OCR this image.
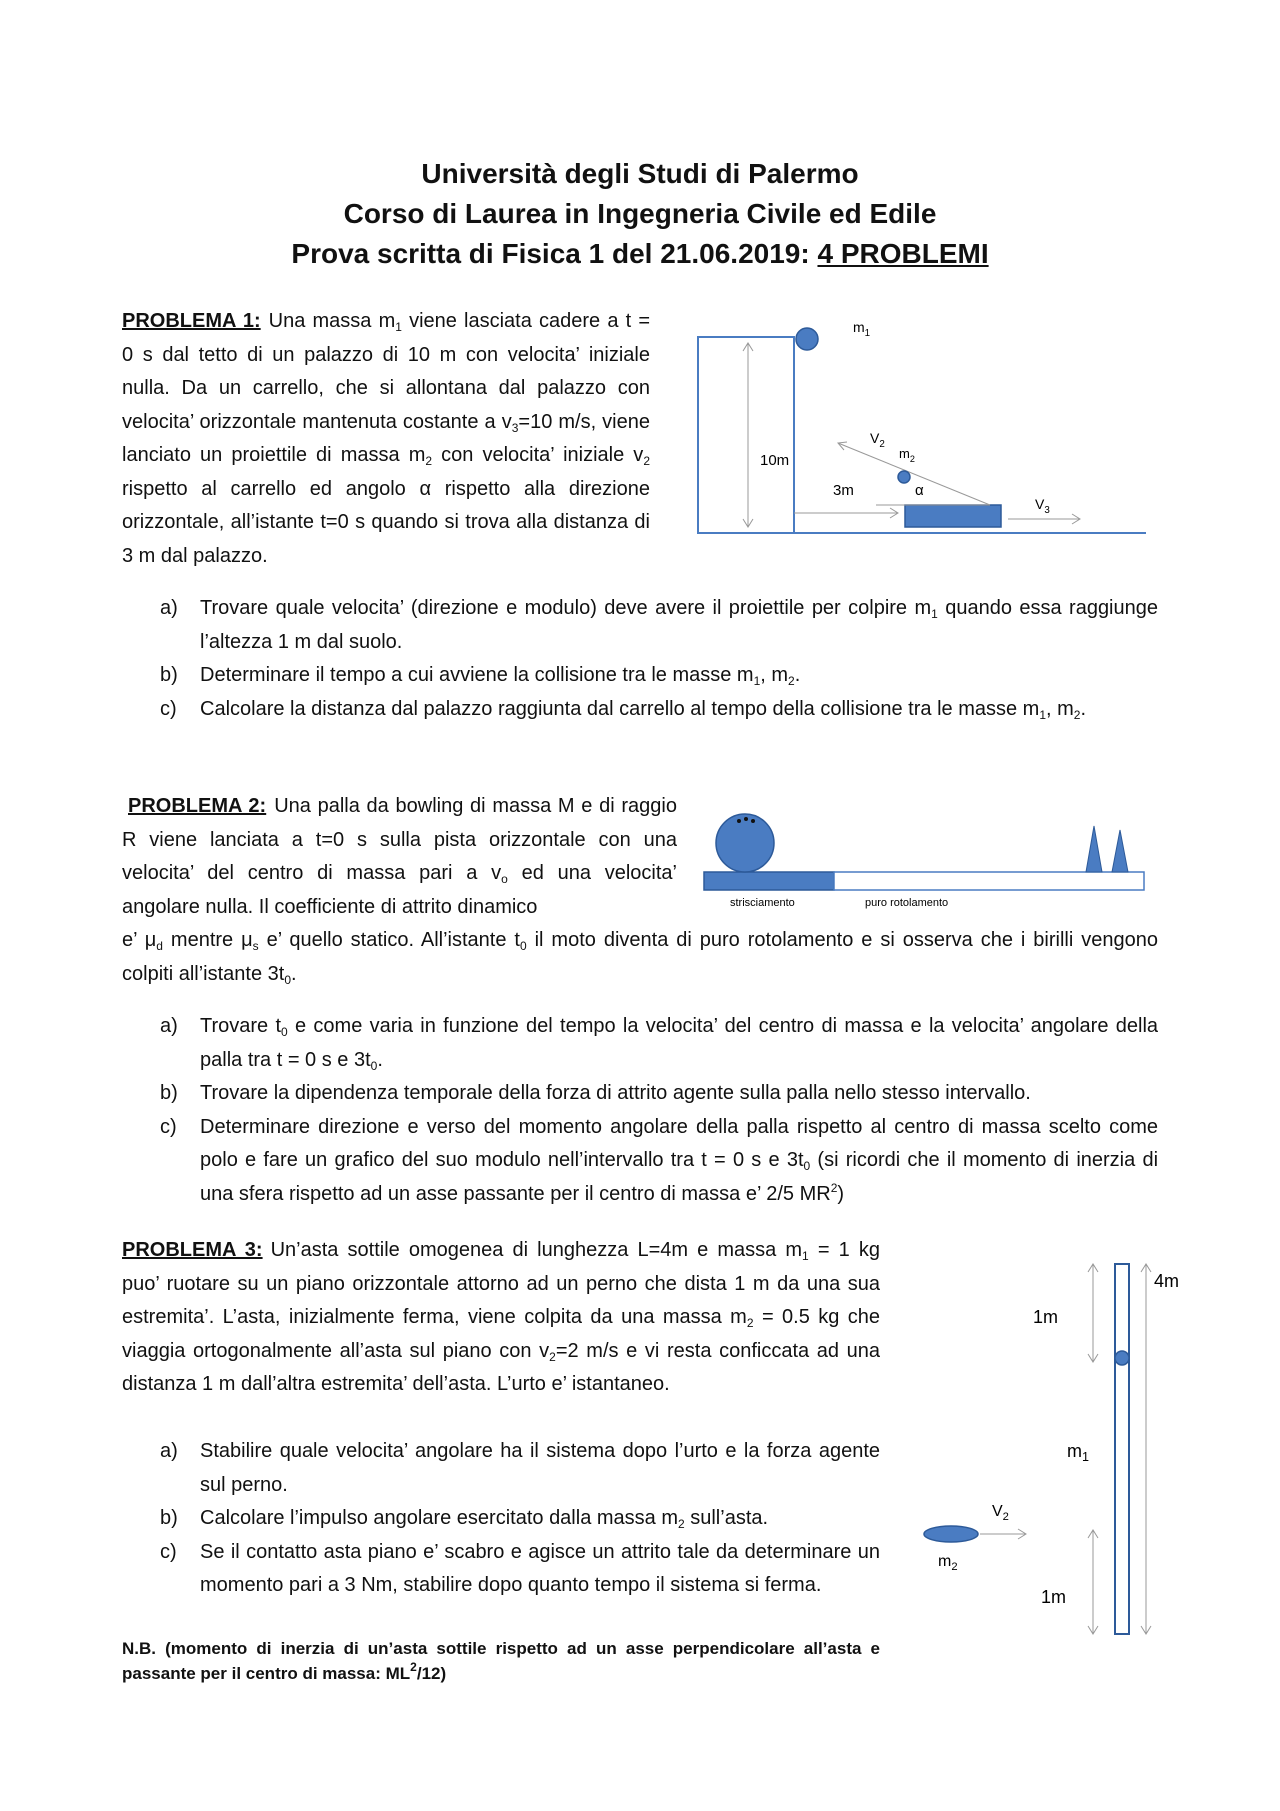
Università degli Studi di Palermo
Corso di Laurea in Ingegneria Civile ed Edile
Prova scritta di Fisica 1 del 21.06.2019: 4 PROBLEMI
PROBLEMA 1: Una massa $m_1$ viene lasciata cadere a t = 0 s dal tetto di un palazzo di 10 m con velocita’ iniziale nulla. Da un carrello, che si allontana dal palazzo con velocita’ orizzontale mantenuta costante a $v_3=10$ m/s, viene lanciato un proiettile di massa $m_2$ con velocita’ iniziale $v_2$ rispetto al carrello ed angolo α rispetto alla direzione orizzontale, all’istante t=0 s quando si trova alla distanza di 3 m dal palazzo.
10m
$m_1$
3m
$V_2$
$m_2$
α
$V_3$
a) Trovare quale velocita’ (direzione e modulo) deve avere il proiettile per colpire $m_1$ quando essa raggiunge l’altezza 1 m dal suolo.
b) Determinare il tempo a cui avviene la collisione tra le masse $m_1$, $m_2$.
c) Calcolare la distanza dal palazzo raggiunta dal carrello al tempo della collisione tra le masse $m_1$, $m_2$.
PROBLEMA 2: Una palla da bowling di massa M e di raggio R viene lanciata a t=0 s sulla pista orizzontale con una velocita’ del centro di massa pari a $v_o$ ed una velocita’ angolare nulla. Il coefficiente di attrito dinamico
e’ $\mu_d$ mentre $\mu_s$ e’ quello statico. All’istante $t_0$ il moto diventa di puro rotolamento e si osserva che i birilli vengono colpiti all’istante $3t_0$.
strisciamento	puro rotolamento
a) Trovare $t_0$ e come varia in funzione del tempo la velocita’ del centro di massa e la velocita’ angolare della palla tra t = 0 s e $3t_0$.
b) Trovare la dipendenza temporale della forza di attrito agente sulla palla nello stesso intervallo.
c) Determinare direzione e verso del momento angolare della palla rispetto al centro di massa scelto come polo e fare un grafico del suo modulo nell’intervallo tra t = 0 s e $3t_0$ (si ricordi che il momento di inerzia di una sfera rispetto ad un asse passante per il centro di massa e’ 2/5 $MR^2$)
PROBLEMA 3: Un’asta sottile omogenea di lunghezza L=4m e massa $m_1 = 1$ kg puo’ ruotare su un piano orizzontale attorno ad un perno che dista 1 m da una sua estremita’. L’asta, inizialmente ferma, viene colpita da una massa $m_2 = 0.5$ kg che viaggia ortogonalmente all’asta sul piano con $v_2=2$ m/s e vi resta conficcata ad una distanza 1 m dall’altra estremita’ dell’asta. L’urto e’ istantaneo.
a) Stabilire quale velocita’ angolare ha il sistema dopo l’urto e la forza agente sul perno.
b) Calcolare l’impulso angolare esercitato dalla massa $m_2$ sull’asta.
c) Se il contatto asta piano e’ scabro e agisce un attrito tale da determinare un momento pari a 3 Nm, stabilire dopo quanto tempo il sistema si ferma.
N.B. (momento di inerzia di un’asta sottile rispetto ad un asse perpendicolare all’asta e passante per il centro di massa: $ML^2/12$)
4m
1m
$m_1$
1m
$V_2$
$m_2$
